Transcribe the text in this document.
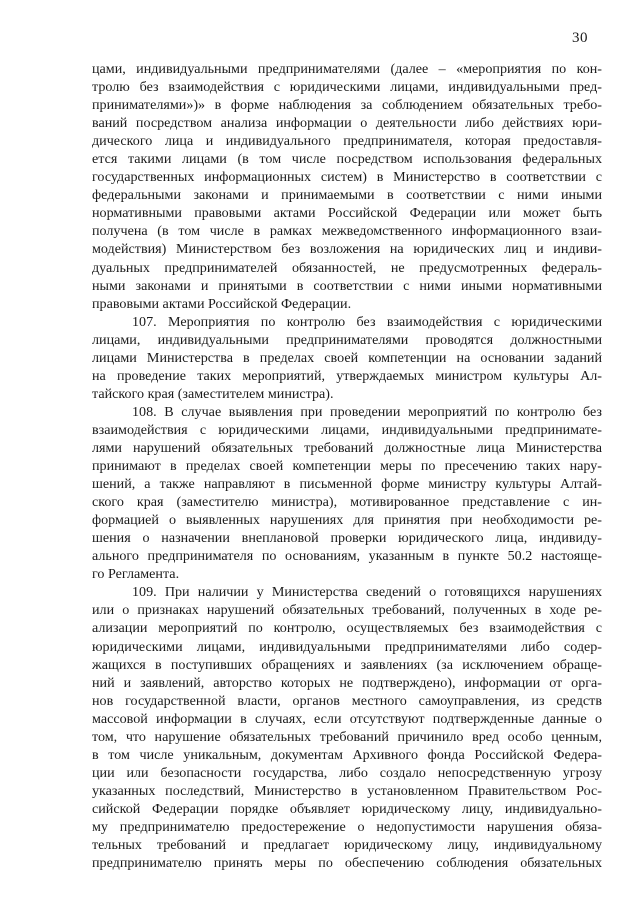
30
цами, индивидуальными предпринимателями (далее – «мероприятия по кон-
тролю без взаимодействия с юридическими лицами, индивидуальными пред-
принимателями»)» в форме наблюдения за соблюдением обязательных требо-
ваний посредством анализа информации о деятельности либо действиях юри-
дического лица и индивидуального предпринимателя, которая предоставля-
ется такими лицами (в том числе посредством использования федеральных
государственных информационных систем) в Министерство в соответствии с
федеральными законами и принимаемыми в соответствии с ними иными
нормативными правовыми актами Российской Федерации или может быть
получена (в том числе в рамках межведомственного информационного взаи-
модействия) Министерством без возложения на юридических лиц и индиви-
дуальных предпринимателей обязанностей, не предусмотренных федераль-
ными законами и принятыми в соответствии с ними иными нормативными
правовыми актами Российской Федерации.
107. Мероприятия по контролю без взаимодействия с юридическими
лицами, индивидуальными предпринимателями проводятся должностными
лицами Министерства в пределах своей компетенции на основании заданий
на проведение таких мероприятий, утверждаемых министром культуры Ал-
тайского края (заместителем министра).
108. В случае выявления при проведении мероприятий по контролю без
взаимодействия с юридическими лицами, индивидуальными предпринимате-
лями нарушений обязательных требований должностные лица Министерства
принимают в пределах своей компетенции меры по пресечению таких нару-
шений, а также направляют в письменной форме министру культуры Алтай-
ского края (заместителю министра), мотивированное представление с ин-
формацией о выявленных нарушениях для принятия при необходимости ре-
шения о назначении внеплановой проверки юридического лица, индивиду-
ального предпринимателя по основаниям, указанным в пункте 50.2 настояще-
го Регламента.
109. При наличии у Министерства сведений о готовящихся нарушениях
или о признаках нарушений обязательных требований, полученных в ходе ре-
ализации мероприятий по контролю, осуществляемых без взаимодействия с
юридическими лицами, индивидуальными предпринимателями либо содер-
жащихся в поступивших обращениях и заявлениях (за исключением обраще-
ний и заявлений, авторство которых не подтверждено), информации от орга-
нов государственной власти, органов местного самоуправления, из средств
массовой информации в случаях, если отсутствуют подтвержденные данные о
том, что нарушение обязательных требований причинило вред особо ценным,
в том числе уникальным, документам Архивного фонда Российской Федера-
ции или безопасности государства, либо создало непосредственную угрозу
указанных последствий, Министерство в установленном Правительством Рос-
сийской Федерации порядке объявляет юридическому лицу, индивидуально-
му предпринимателю предостережение о недопустимости нарушения обяза-
тельных требований и предлагает юридическому лицу, индивидуальному
предпринимателю принять меры по обеспечению соблюдения обязательных
